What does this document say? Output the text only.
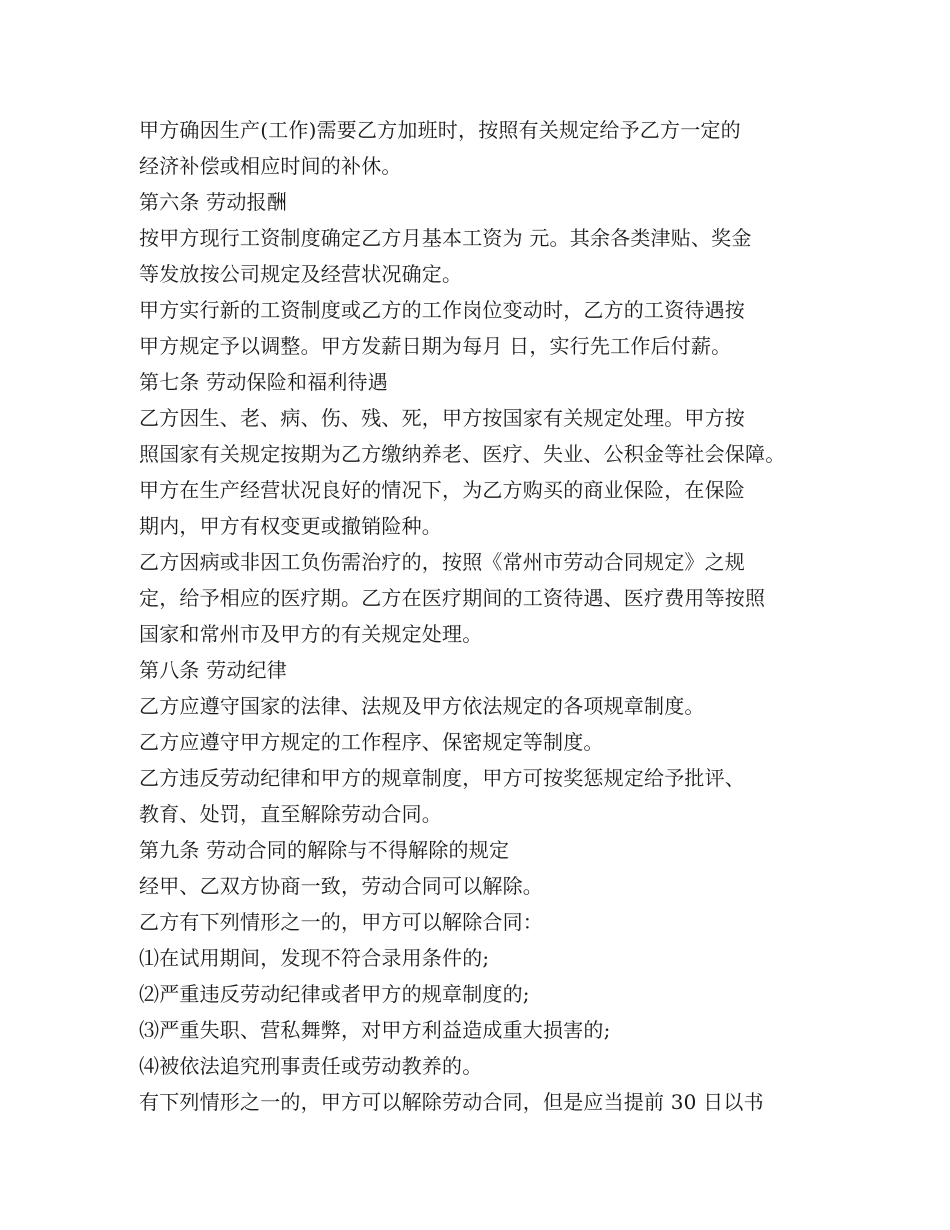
甲方确因生产(工作)需要乙方加班时，按照有关规定给予乙方一定的
经济补偿或相应时间的补休。
第六条 劳动报酬
按甲方现行工资制度确定乙方月基本工资为 元。其余各类津贴、奖金
等发放按公司规定及经营状况确定。
甲方实行新的工资制度或乙方的工作岗位变动时，乙方的工资待遇按
甲方规定予以调整。甲方发薪日期为每月 日，实行先工作后付薪。
第七条 劳动保险和福利待遇
乙方因生、老、病、伤、残、死，甲方按国家有关规定处理。甲方按
照国家有关规定按期为乙方缴纳养老、医疗、失业、公积金等社会保障。
甲方在生产经营状况良好的情况下，为乙方购买的商业保险，在保险
期内，甲方有权变更或撤销险种。
乙方因病或非因工负伤需治疗的，按照《常州市劳动合同规定》之规
定，给予相应的医疗期。乙方在医疗期间的工资待遇、医疗费用等按照
国家和常州市及甲方的有关规定处理。
第八条 劳动纪律
乙方应遵守国家的法律、法规及甲方依法规定的各项规章制度。
乙方应遵守甲方规定的工作程序、保密规定等制度。
乙方违反劳动纪律和甲方的规章制度，甲方可按奖惩规定给予批评、
教育、处罚，直至解除劳动合同。
第九条 劳动合同的解除与不得解除的规定
经甲、乙双方协商一致，劳动合同可以解除。
乙方有下列情形之一的，甲方可以解除合同：
⑴在试用期间，发现不符合录用条件的;
⑵严重违反劳动纪律或者甲方的规章制度的;
⑶严重失职、营私舞弊，对甲方利益造成重大损害的;
⑷被依法追究刑事责任或劳动教养的。
有下列情形之一的，甲方可以解除劳动合同，但是应当提前 30 日以书
